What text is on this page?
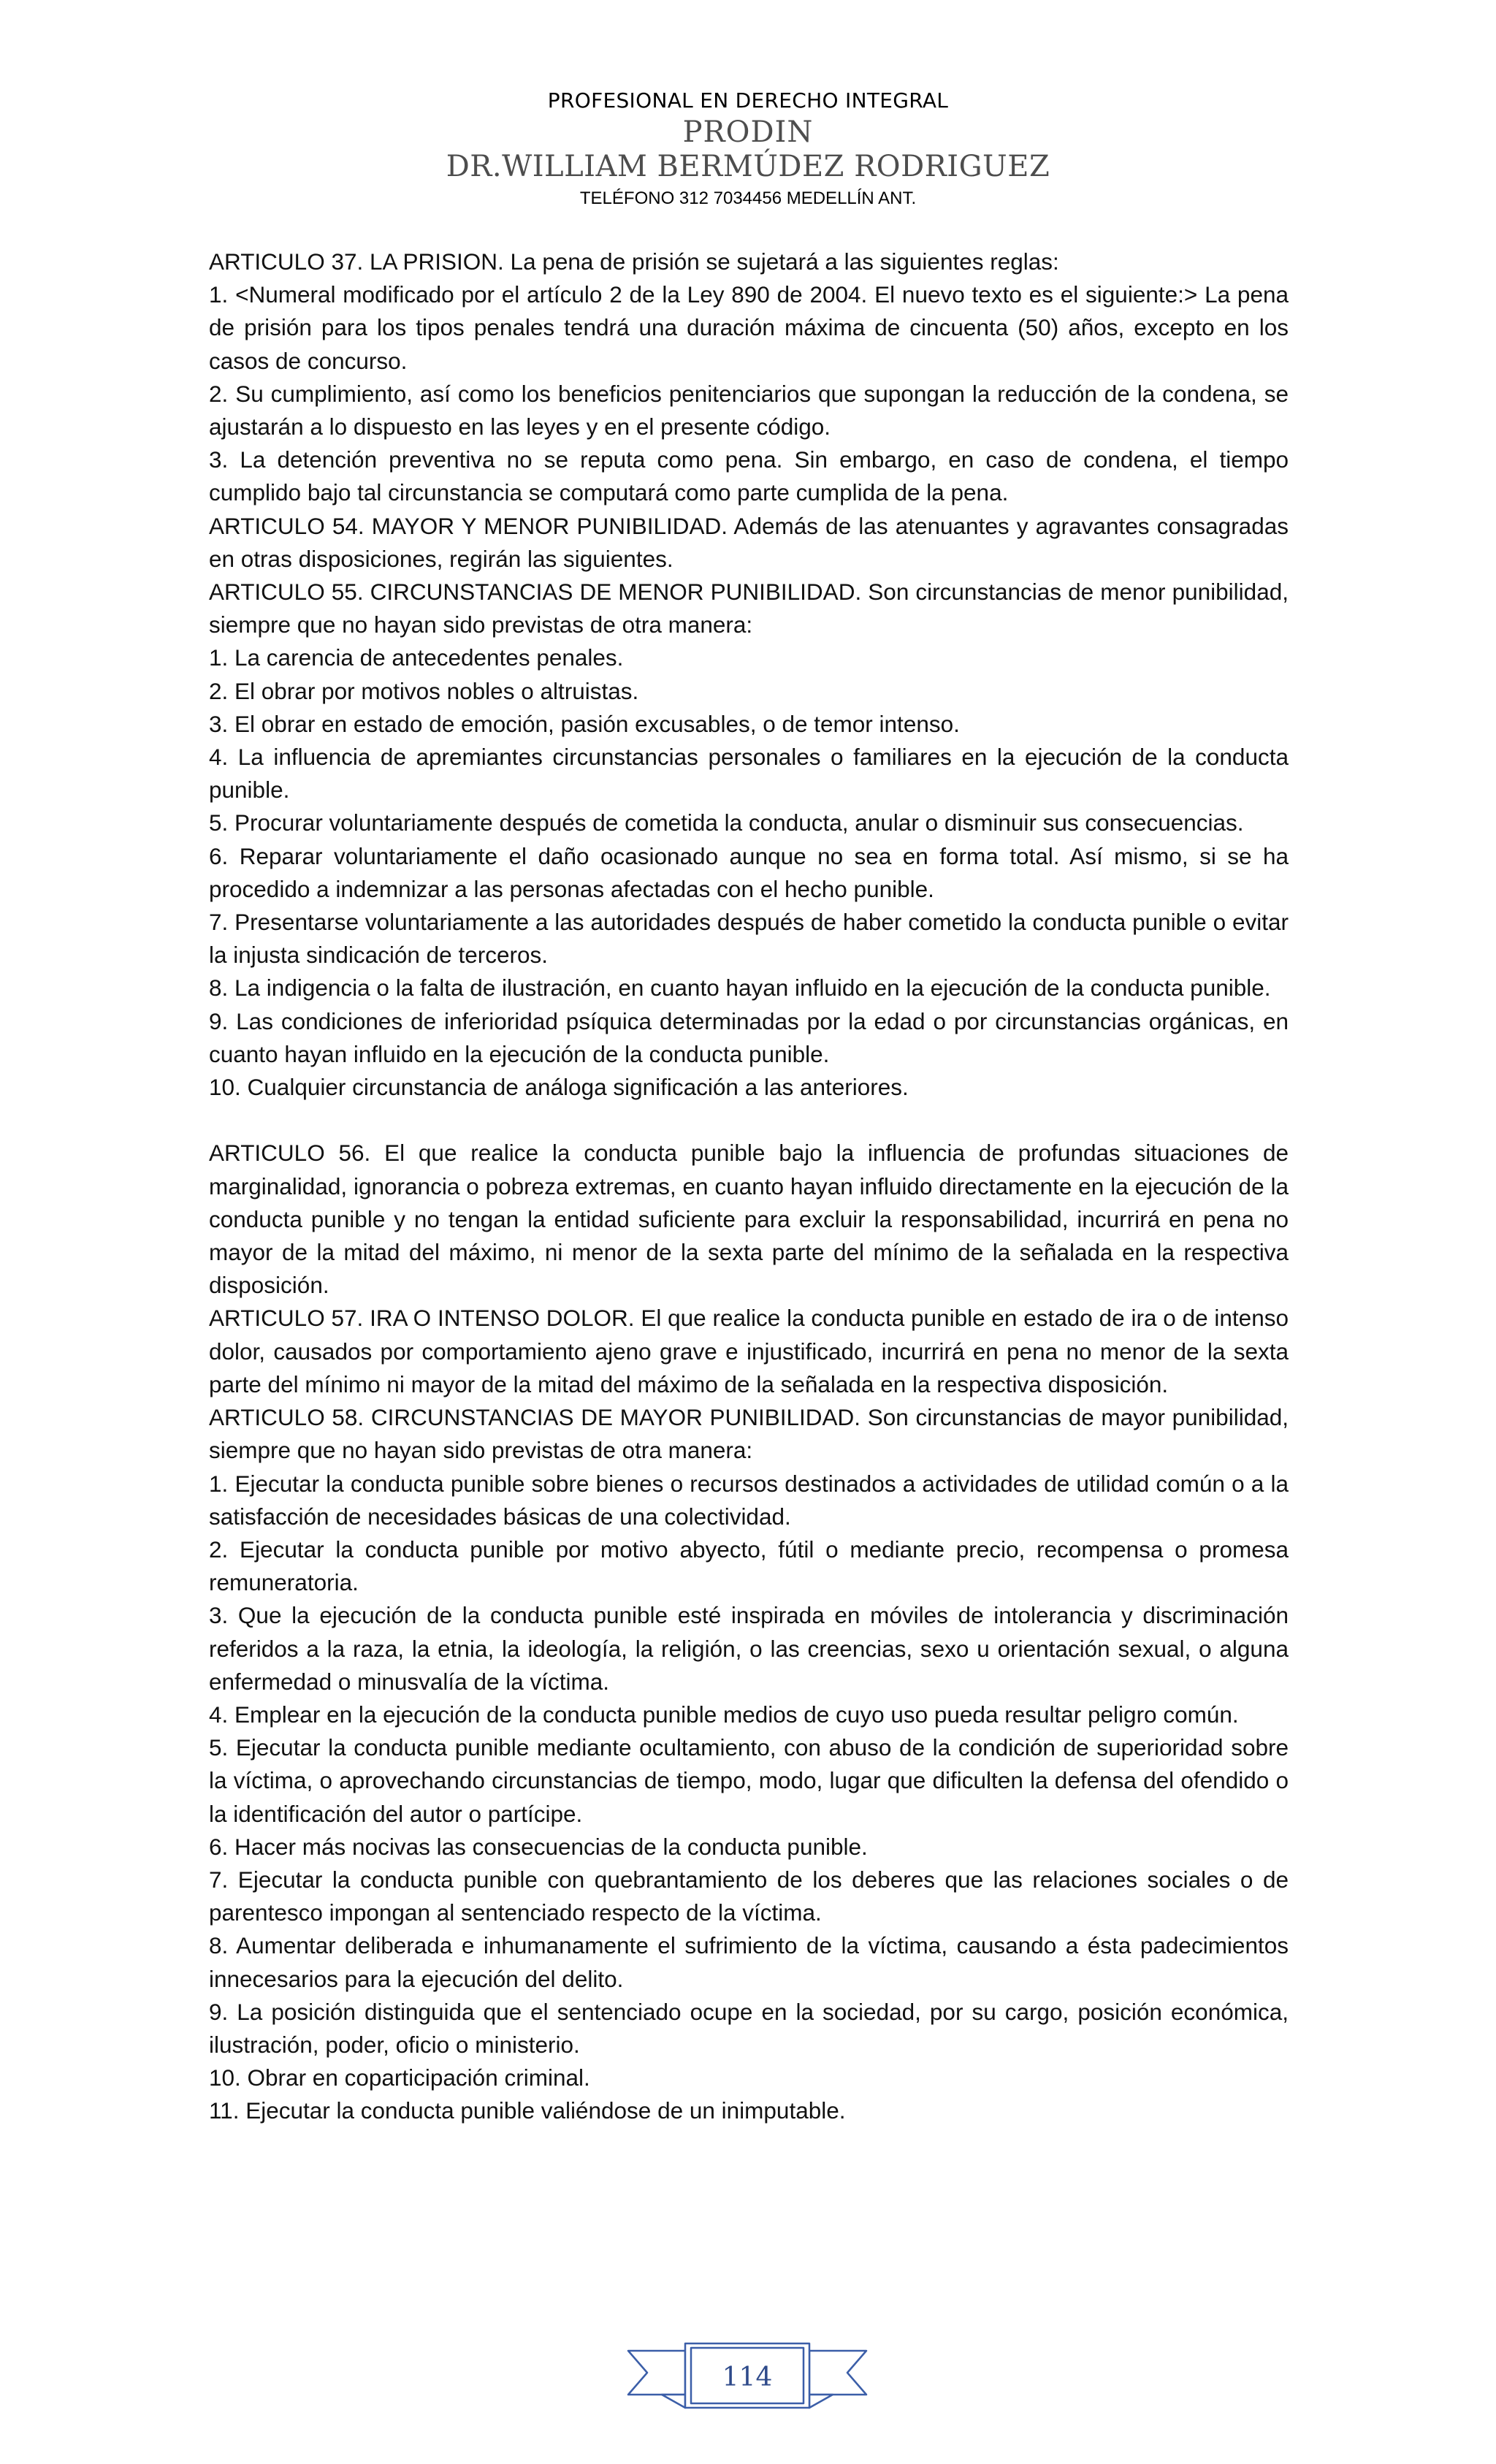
PROFESIONAL EN DERECHO INTEGRAL
PRODIN
DR.WILLIAM BERMÚDEZ RODRIGUEZ
TELÉFONO 312 7034456 MEDELLÍN ANT.

ARTICULO 37. LA PRISION. La pena de prisión se sujetará a las siguientes reglas:

1. <Numeral modificado por el artículo 2 de la Ley 890 de 2004. El nuevo texto es el siguiente:> La pena de prisión para los tipos penales tendrá una duración máxima de cincuenta (50) años, excepto en los casos de concurso.

2. Su cumplimiento, así como los beneficios penitenciarios que supongan la reducción de la condena, se ajustarán a lo dispuesto en las leyes y en el presente código.

3. La detención preventiva no se reputa como pena. Sin embargo, en caso de condena, el tiempo cumplido bajo tal circunstancia se computará como parte cumplida de la pena.

ARTICULO 54. MAYOR Y MENOR PUNIBILIDAD. Además de las atenuantes y agravantes consagradas en otras disposiciones, regirán las siguientes.

ARTICULO 55. CIRCUNSTANCIAS DE MENOR PUNIBILIDAD. Son circunstancias de menor punibilidad, siempre que no hayan sido previstas de otra manera:

1. La carencia de antecedentes penales.

2. El obrar por motivos nobles o altruistas.

3. El obrar en estado de emoción, pasión excusables, o de temor intenso.

4. La influencia de apremiantes circunstancias personales o familiares en la ejecución de la conducta punible.

5. Procurar voluntariamente después de cometida la conducta, anular o disminuir sus consecuencias.

6. Reparar voluntariamente el daño ocasionado aunque no sea en forma total. Así mismo, si se ha procedido a indemnizar a las personas afectadas con el hecho punible.

7. Presentarse voluntariamente a las autoridades después de haber cometido la conducta punible o evitar la injusta sindicación de terceros.

8. La indigencia o la falta de ilustración, en cuanto hayan influido en la ejecución de la conducta punible.

9. Las condiciones de inferioridad psíquica determinadas por la edad o por circunstancias orgánicas, en cuanto hayan influido en la ejecución de la conducta punible.

10. Cualquier circunstancia de análoga significación a las anteriores.

ARTICULO 56. El que realice la conducta punible bajo la influencia de profundas situaciones de marginalidad, ignorancia o pobreza extremas, en cuanto hayan influido directamente en la ejecución de la conducta punible y no tengan la entidad suficiente para excluir la responsabilidad, incurrirá en pena no mayor de la mitad del máximo, ni menor de la sexta parte del mínimo de la señalada en la respectiva disposición.

ARTICULO 57. IRA O INTENSO DOLOR. El que realice la conducta punible en estado de ira o de intenso dolor, causados por comportamiento ajeno grave e injustificado, incurrirá en pena no menor de la sexta parte del mínimo ni mayor de la mitad del máximo de la señalada en la respectiva disposición.

ARTICULO 58. CIRCUNSTANCIAS DE MAYOR PUNIBILIDAD. Son circunstancias de mayor punibilidad, siempre que no hayan sido previstas de otra manera:

1. Ejecutar la conducta punible sobre bienes o recursos destinados a actividades de utilidad común o a la satisfacción de necesidades básicas de una colectividad.

2. Ejecutar la conducta punible por motivo abyecto, fútil o mediante precio, recompensa o promesa remuneratoria.

3. Que la ejecución de la conducta punible esté inspirada en móviles de intolerancia y discriminación referidos a la raza, la etnia, la ideología, la religión, o las creencias, sexo u orientación sexual, o alguna enfermedad o minusvalía de la víctima.

4. Emplear en la ejecución de la conducta punible medios de cuyo uso pueda resultar peligro común.

5. Ejecutar la conducta punible mediante ocultamiento, con abuso de la condición de superioridad sobre la víctima, o aprovechando circunstancias de tiempo, modo, lugar que dificulten la defensa del ofendido o la identificación del autor o partícipe.

6. Hacer más nocivas las consecuencias de la conducta punible.

7. Ejecutar la conducta punible con quebrantamiento de los deberes que las relaciones sociales o de parentesco impongan al sentenciado respecto de la víctima.

8. Aumentar deliberada e inhumanamente el sufrimiento de la víctima, causando a ésta padecimientos innecesarios para la ejecución del delito.

9. La posición distinguida que el sentenciado ocupe en la sociedad, por su cargo, posición económica, ilustración, poder, oficio o ministerio.

10. Obrar en coparticipación criminal.

11. Ejecutar la conducta punible valiéndose de un inimputable.

114
